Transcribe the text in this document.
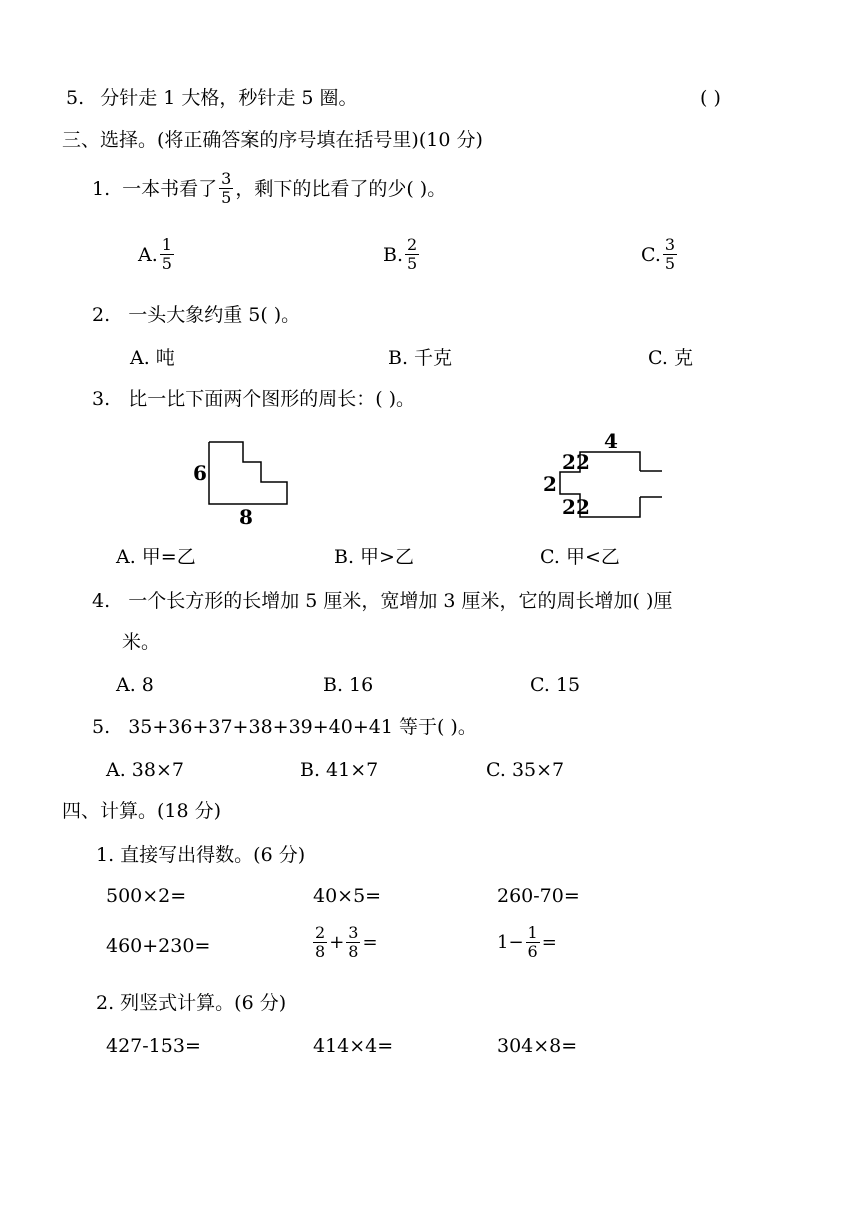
5. 分针走 1 大格，秒针走 5 圈。	( )
三、选择。(将正确答案的序号填在括号里)(10 分)
1. 一本书看了 $\frac{3}{5}$ ，剩下的比看了的少( )。
A. $\frac{1}{5}$	B. $\frac{2}{5}$	C. $\frac{3}{5}$
2. 一头大象约重 5( )。
A. 吨	B. 千克	C. 克
3. 比一比下面两个图形的周长：( )。
6
8
4
2 2
2
2 2
A. 甲=乙	B. 甲>乙	C. 甲<乙
4. 一个长方形的长增加 5 厘米，宽增加 3 厘米，它的周长增加( )厘
米。
A. 8	B. 16	C. 15
5. 35+36+37+38+39+40+41 等于( )。
A. 38×7	B. 41×7	C. 35×7
四、计算。(18 分)
1. 直接写出得数。(6 分)
500×2=	40×5=	260-70=
460+230=	$\frac{2}{8} + \frac{3}{8}$ =	$1- \frac{1}{6}$ =
2. 列竖式计算。(6 分)
427-153=	414×4=	304×8=
